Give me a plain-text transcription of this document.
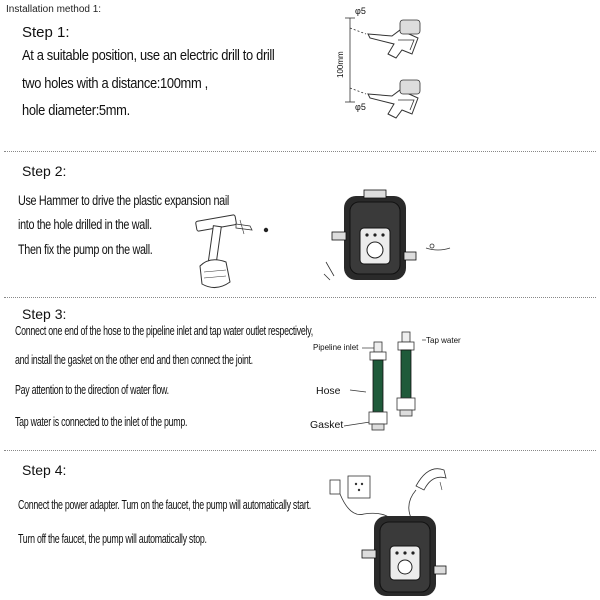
Installation method 1:
Step 1:
At a suitable position, use an electric drill to drill
two holes with a distance:100mm ,
hole diameter:5mm.
φ5
φ5
100mm
Step 2:
Use Hammer to drive the plastic expansion nail
into the hole drilled in the wall.
Then fix the pump on the wall.
Step 3:
Connect one end of the hose to the pipeline inlet and tap water outlet respectively,
and install the gasket on the other end and then connect the joint.
Pay attention to the direction of water flow.
Tap water is connected to the inlet of the pump.
Pipeline inlet
Tap water
Hose
Gasket
Step 4:
Connect the power adapter. Turn on the faucet, the pump will automatically start.
Turn off the faucet, the pump will automatically stop.
